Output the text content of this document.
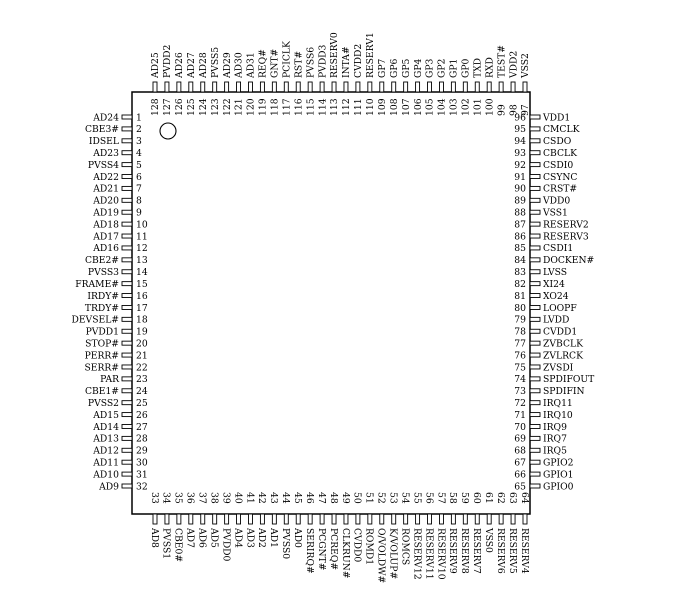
1
AD24
2
CBE3#
3
IDSEL
4
AD23
5
PVSS4
6
AD22
7
AD21
8
AD20
9
AD19
10
AD18
11
AD17
12
AD16
13
CBE2#
14
PVSS3
15
FRAME#
16
IRDY#
17
TRDY#
18
DEVSEL#
19
PVDD1
20
STOP#
21
PERR#
22
SERR#
23
PAR
24
CBE1#
25
PVSS2
26
AD15
27
AD14
28
AD13
29
AD12
30
AD11
31
AD10
32
AD9	65 GPIO0
66 GPIO1
67 GPIO2
68 IRQ5
69 IRQ7
70 IRQ9
71 IRQ10
72 IRQ11
73 SPDIFIN
74 SPDIFOUT
75 ZVSDI
76 ZVLRCK
77 ZVBCLK
78 CVDD1
79 LVDD
80 LOOPF
81 XO24
82 XI24
83 LVSS
84 DOCKEN#
85 CSDI1
86 RESERV3
87 RESERV2
88 VSS1
89 VDD0
90 CRST#
91 CSYNC
92 CSDI0
93 CBCLK
94 CSDO
95 CMCLK
96 VDD1
33
AD8
34
PVSS1
35
CBE0#
36
AD7
37
AD6
38
AD5
39
PVDD0
40
AD4
41
AD3
42
AD2
43
AD1
44
PVSS0
45
AD0
46
SERIRQ#
47
PCGNT#
48
PCREQ#
49
CLKRUN#
50
CVDD0
51
ROMD1
52
O/VOLDW#
53
K/VOLUP#
54
ROMCS
55
RESERV12
56
RESERV11
57
RESERV10
58
RESERV9
59
RESERV8
60
RESERV7
61
VSS0
62
RESERV6
63
RESERV5
64
RESERV4
97
VSS2
98
VDD2
99
TEST#
100
RXD
101
TXD
102
GP0
103
GP1
104
GP2
105
GP3
106
GP4
107
GP5
108
GP6
109
GP7
110
RESERV1
111
CVDD2
112
INTA#
113
RESERV0
114
PVDD3
115
PVSS6
116
RST#
117
PCICLK
118
GNT#
119
REQ#
120
AD31
121
AD30
122
AD29
123
PVSS5
124
AD28
125
AD27
126
AD26
127
PVDD2
128
AD25
